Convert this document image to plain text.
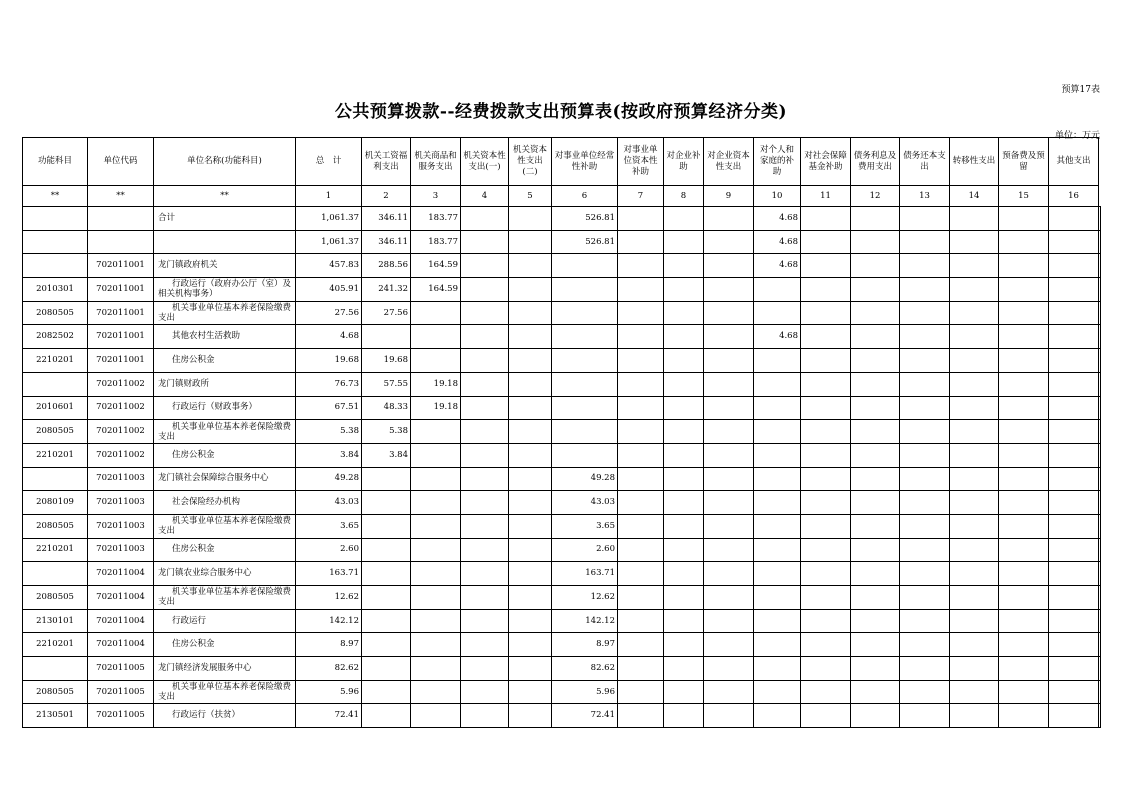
预算17表
公共预算拨款--经费拨款支出预算表(按政府预算经济分类)
单位：万元
功能科目	单位代码	单位名称(功能科目)	总　计	机关工资福利支出	机关商品和服务支出	机关资本性支出(一)	机关资本性支出(二)	对事业单位经常性补助	对事业单位资本性补助	对企业补助	对企业资本性支出	对个人和家庭的补助	对社会保障基金补助	债务利息及费用支出	债务还本支出	转移性支出	预备费及预留	其他支出	
**	**	**	1	2	3	4	5	6	7	8	9	10	11	12	13	14	15	16	
		合计	1,061.37	346.11	183.77			526.81				4.68							
			1,061.37	346.11	183.77			526.81				4.68							
	702011001	龙门镇政府机关	457.83	288.56	164.59							4.68							
2010301	702011001	行政运行（政府办公厅（室）及相关机构事务）	405.91	241.32	164.59														
2080505	702011001	机关事业单位基本养老保险缴费支出	27.56	27.56															
2082502	702011001	其他农村生活救助	4.68									4.68							
2210201	702011001	住房公积金	19.68	19.68															
	702011002	龙门镇财政所	76.73	57.55	19.18														
2010601	702011002	行政运行（财政事务）	67.51	48.33	19.18														
2080505	702011002	机关事业单位基本养老保险缴费支出	5.38	5.38															
2210201	702011002	住房公积金	3.84	3.84															
	702011003	龙门镇社会保障综合服务中心	49.28					49.28											
2080109	702011003	社会保险经办机构	43.03					43.03											
2080505	702011003	机关事业单位基本养老保险缴费支出	3.65					3.65											
2210201	702011003	住房公积金	2.60					2.60											
	702011004	龙门镇农业综合服务中心	163.71					163.71											
2080505	702011004	机关事业单位基本养老保险缴费支出	12.62					12.62											
2130101	702011004	行政运行	142.12					142.12											
2210201	702011004	住房公积金	8.97					8.97											
	702011005	龙门镇经济发展服务中心	82.62					82.62											
2080505	702011005	机关事业单位基本养老保险缴费支出	5.96					5.96											
2130501	702011005	行政运行（扶贫）	72.41					72.41											
